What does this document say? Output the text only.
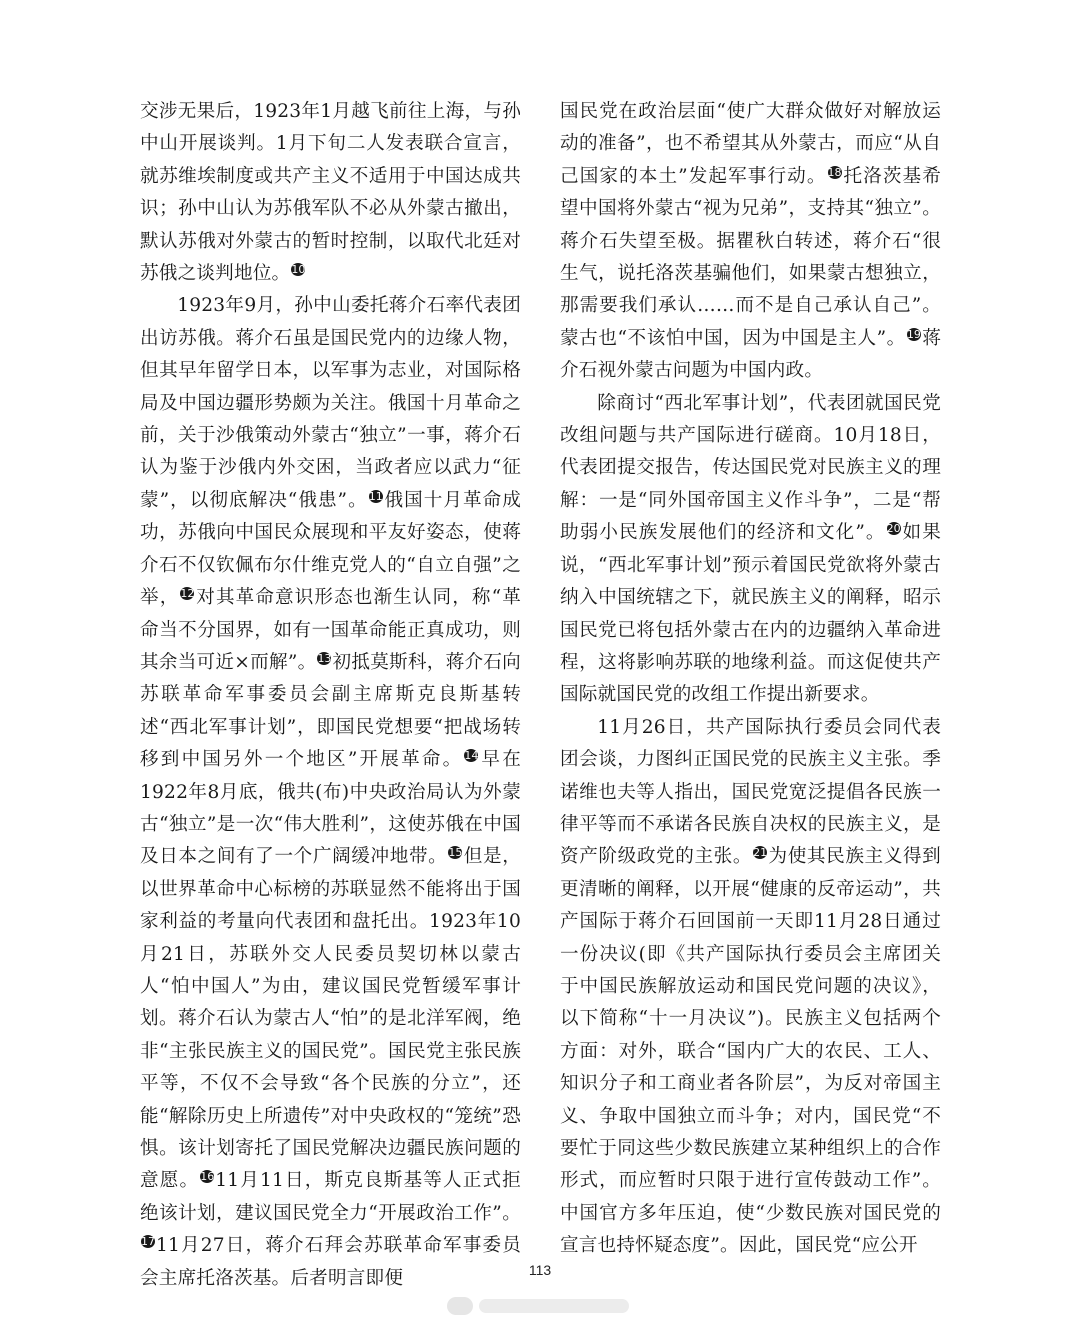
交涉无果后，1923年1月越飞前往上海，与孙中山开展谈判。1月下旬二人发表联合宣言，就苏维埃制度或共产主义不适用于中国达成共识；孙中山认为苏俄军队不必从外蒙古撤出，默认苏俄对外蒙古的暂时控制，以取代北廷对苏俄之谈判地位。10

1923年9月，孙中山委托蒋介石率代表团出访苏俄。蒋介石虽是国民党内的边缘人物，但其早年留学日本，以军事为志业，对国际格局及中国边疆形势颇为关注。俄国十月革命之前，关于沙俄策动外蒙古“独立”一事，蒋介石认为鉴于沙俄内外交困，当政者应以武力“征蒙”，以彻底解决“俄患”。11俄国十月革命成功，苏俄向中国民众展现和平友好姿态，使蒋介石不仅钦佩布尔什维克党人的“自立自强”之举，12对其革命意识形态也渐生认同，称“革命当不分国界，如有一国革命能正真成功，则其余当可近×而解”。13初抵莫斯科，蒋介石向苏联革命军事委员会副主席斯克良斯基转述“西北军事计划”，即国民党想要“把战场转移到中国另外一个地区”开展革命。14早在1922年8月底，俄共(布)中央政治局认为外蒙古“独立”是一次“伟大胜利”，这使苏俄在中国及日本之间有了一个广阔缓冲地带。15但是，以世界革命中心标榜的苏联显然不能将出于国家利益的考量向代表团和盘托出。1923年10月21日，苏联外交人民委员契切林以蒙古人“怕中国人”为由，建议国民党暂缓军事计划。蒋介石认为蒙古人“怕”的是北洋军阀，绝非“主张民族主义的国民党”。国民党主张民族平等，不仅不会导致“各个民族的分立”，还能“解除历史上所遗传”对中央政权的“笼统”恐惧。该计划寄托了国民党解决边疆民族问题的意愿。1611月11日，斯克良斯基等人正式拒绝该计划，建议国民党全力“开展政治工作”。1711月27日，蒋介石拜会苏联革命军事委员会主席托洛茨基。后者明言即便

国民党在政治层面“使广大群众做好对解放运动的准备”，也不希望其从外蒙古，而应“从自己国家的本土”发起军事行动。18托洛茨基希望中国将外蒙古“视为兄弟”，支持其“独立”。蒋介石失望至极。据瞿秋白转述，蒋介石“很生气，说托洛茨基骗他们，如果蒙古想独立，那需要我们承认……而不是自己承认自己”。蒙古也“不该怕中国，因为中国是主人”。19蒋介石视外蒙古问题为中国内政。

除商讨“西北军事计划”，代表团就国民党改组问题与共产国际进行磋商。10月18日，代表团提交报告，传达国民党对民族主义的理解：一是“同外国帝国主义作斗争”，二是“帮助弱小民族发展他们的经济和文化”。20如果说，“西北军事计划”预示着国民党欲将外蒙古纳入中国统辖之下，就民族主义的阐释，昭示国民党已将包括外蒙古在内的边疆纳入革命进程，这将影响苏联的地缘利益。而这促使共产国际就国民党的改组工作提出新要求。

11月26日，共产国际执行委员会同代表团会谈，力图纠正国民党的民族主义主张。季诺维也夫等人指出，国民党宽泛提倡各民族一律平等而不承诺各民族自决权的民族主义，是资产阶级政党的主张。21为使其民族主义得到更清晰的阐释，以开展“健康的反帝运动”，共产国际于蒋介石回国前一天即11月28日通过一份决议(即《共产国际执行委员会主席团关于中国民族解放运动和国民党问题的决议》，以下简称“十一月决议”)。民族主义包括两个方面：对外，联合“国内广大的农民、工人、知识分子和工商业者各阶层”，为反对帝国主义、争取中国独立而斗争；对内，国民党“不要忙于同这些少数民族建立某种组织上的合作形式，而应暂时只限于进行宣传鼓动工作”。中国官方多年压迫，使“少数民族对国民党的宣言也持怀疑态度”。因此，国民党“应公开

113
